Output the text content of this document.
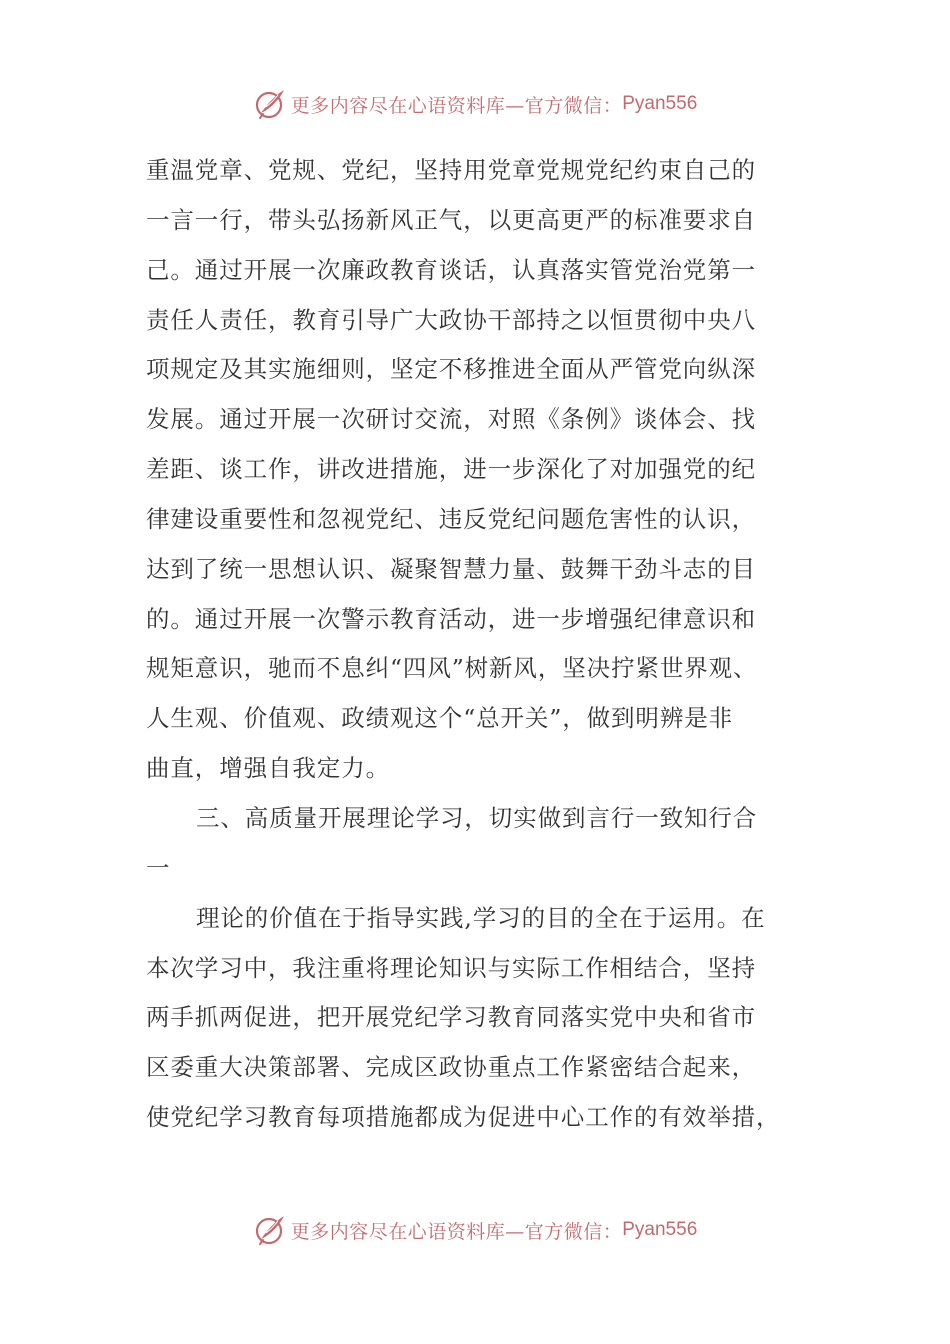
更多内容尽在心语资料库—官方微信： Pyan556
重温党章、党规、党纪，坚持用党章党规党纪约束自己的
一言一行，带头弘扬新风正气，以更高更严的标准要求自
己。通过开展一次廉政教育谈话，认真落实管党治党第一
责任人责任，教育引导广大政协干部持之以恒贯彻中央八
项规定及其实施细则，坚定不移推进全面从严管党向纵深
发展。通过开展一次研讨交流，对照《条例》谈体会、找
差距、谈工作，讲改进措施，进一步深化了对加强党的纪
律建设重要性和忽视党纪、违反党纪问题危害性的认识，
达到了统一思想认识、凝聚智慧力量、鼓舞干劲斗志的目
的。通过开展一次警示教育活动，进一步增强纪律意识和
规矩意识，驰而不息纠“四风”树新风，坚决拧紧世界观、
人生观、价值观、政绩观这个“总开关”，做到明辨是非
曲直，增强自我定力。
三、高质量开展理论学习，切实做到言行一致知行合
一
理论的价值在于指导实践,学习的目的全在于运用。在
本次学习中，我注重将理论知识与实际工作相结合，坚持
两手抓两促进，把开展党纪学习教育同落实党中央和省市
区委重大决策部署、完成区政协重点工作紧密结合起来，
使党纪学习教育每项措施都成为促进中心工作的有效举措，
更多内容尽在心语资料库—官方微信： Pyan556
